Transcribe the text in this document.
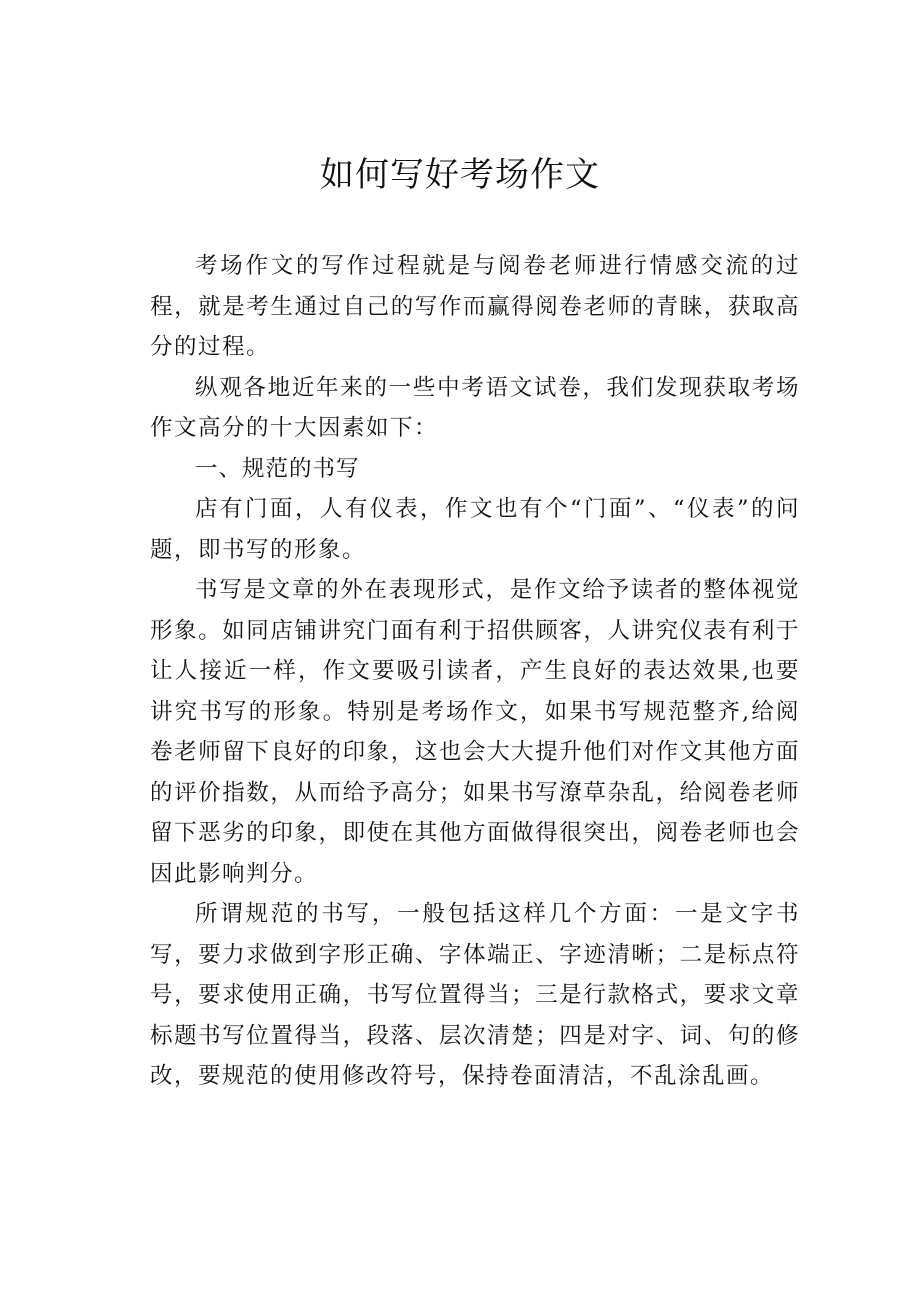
如何写好考场作文

考场作文的写作过程就是与阅卷老师进行情感交流的过程，就是考生通过自己的写作而赢得阅卷老师的青睐，获取高分的过程。

纵观各地近年来的一些中考语文试卷，我们发现获取考场作文高分的十大因素如下：

一、规范的书写

店有门面，人有仪表，作文也有个“门面”、“仪表”的问题，即书写的形象。

书写是文章的外在表现形式，是作文给予读者的整体视觉形象。如同店铺讲究门面有利于招供顾客，人讲究仪表有利于让人接近一样，作文要吸引读者，产生良好的表达效果,也要讲究书写的形象。特别是考场作文，如果书写规范整齐,给阅卷老师留下良好的印象，这也会大大提升他们对作文其他方面的评价指数，从而给予高分；如果书写潦草杂乱，给阅卷老师留下恶劣的印象，即使在其他方面做得很突出，阅卷老师也会因此影响判分。

所谓规范的书写，一般包括这样几个方面：一是文字书写，要力求做到字形正确、字体端正、字迹清晰；二是标点符号，要求使用正确，书写位置得当；三是行款格式，要求文章标题书写位置得当，段落、层次清楚；四是对字、词、句的修改，要规范的使用修改符号，保持卷面清洁，不乱涂乱画。
